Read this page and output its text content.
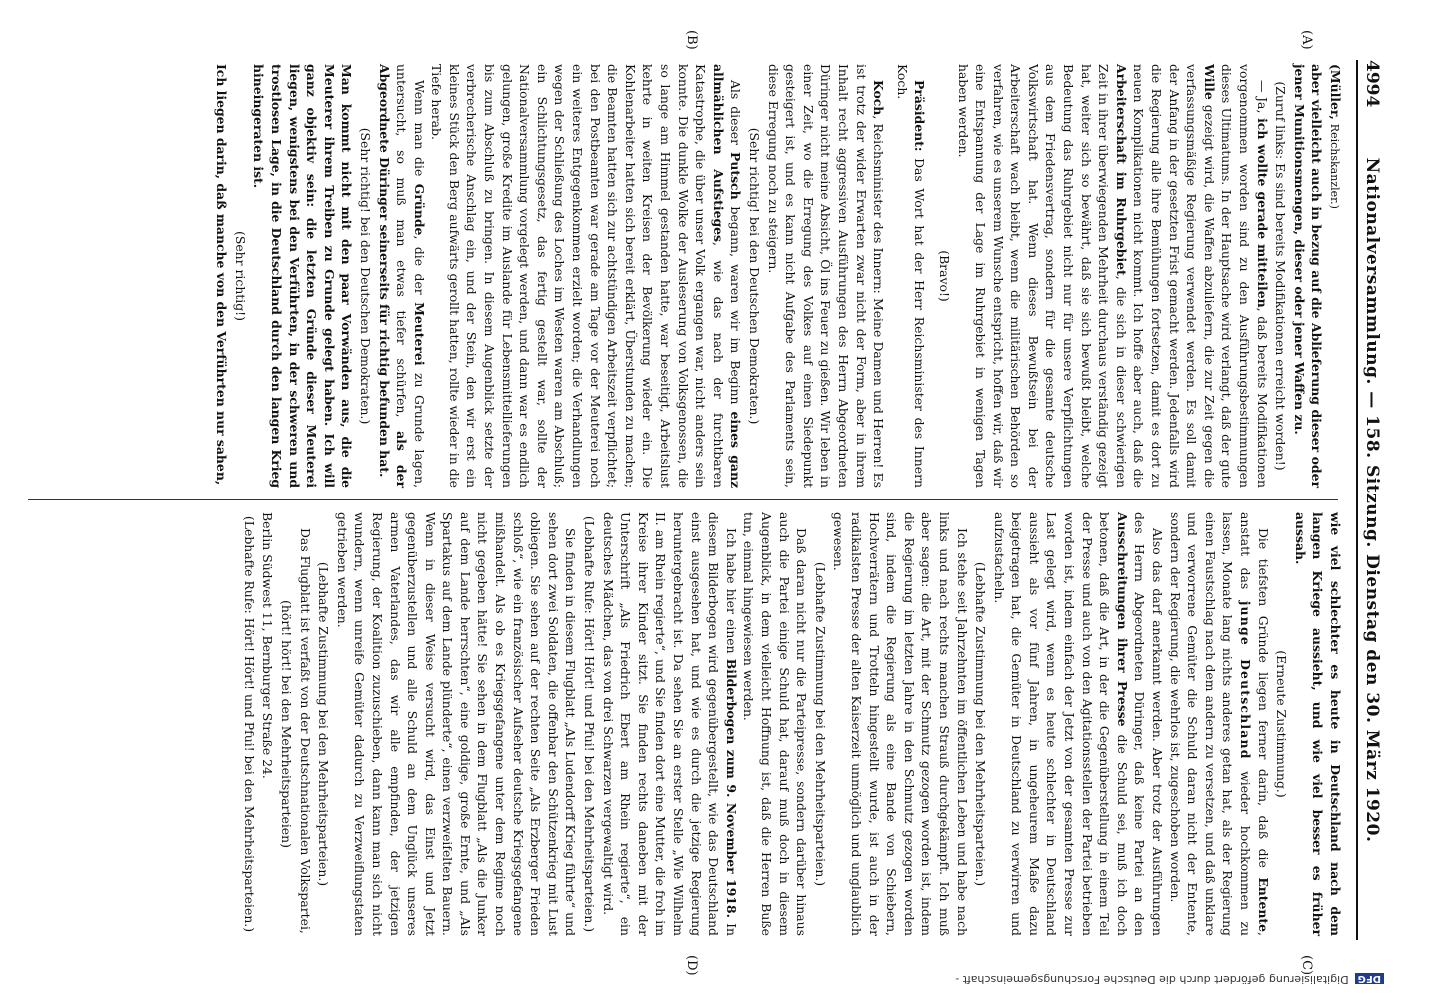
4994
Nationalversammlung. — 158. Sitzung. Dienstag den 30. März 1920.
(A)
(B)
(C)
(D)

(Müller, Reichskanzler.)

aber vielleicht auch in bezug auf die Ablieferung dieser oder jener Munitionsmengen, dieser oder jener Waffen zu.

(Zuruf links: Es sind bereits Modifikationen erreicht worden!)

— Ja, ich wollte gerade mitteilen, daß bereits Modifikationen vorgenommen worden sind zu den Ausführungsbestimmungen dieses Ultimatums. In der Hauptsache wird verlangt, daß der gute Wille gezeigt wird, die Waffen abzuliefern, die zur Zeit gegen die verfassungsmäßige Regierung verwendet werden. Es soll damit der Anfang in der gesetzten Frist gemacht werden. Jedenfalls wird die Regierung alle ihre Bemühungen fortsetzen, damit es dort zu neuen Komplikationen nicht kommt. Ich hoffe aber auch, daß die Arbeiterschaft im Ruhrgebiet, die sich in dieser schwierigen Zeit in ihrer überwiegenden Mehrheit durchaus verständig gezeigt hat, weiter sich so bewährt, daß sie sich bewußt bleibt, welche Bedeutung das Ruhrgebiet nicht nur für unsere Verpflichtungen aus dem Friedensvertrag, sondern für die gesamte deutsche Volkswirtschaft hat. Wenn dieses Bewußtsein bei der Arbeiterschaft wach bleibt, wenn die militärischen Behörden so verfahren, wie es unserem Wunsche entspricht, hoffen wir, daß wir eine Entspannung der Lage im Ruhrgebiet in wenigen Tagen haben werden.

(Bravo!)

Präsident: Das Wort hat der Herr Reichsminister des Innern Koch.

Koch, Reichsminister des Innern: Meine Damen und Herren! Es ist trotz der wider Erwarten zwar nicht der Form, aber in ihrem Inhalt recht aggressiven Ausführungen des Herrn Abgeordneten Düringer nicht meine Absicht, Öl ins Feuer zu gießen. Wir leben in einer Zeit, wo die Erregung des Volkes auf einen Siedepunkt gesteigert ist, und es kann nicht Aufgabe des Parlaments sein, diese Erregung noch zu steigern.

(Sehr richtig! bei den Deutschen Demokraten.)

Als dieser Putsch begann, waren wir im Beginn eines ganz allmählichen Aufstieges, wie das nach der furchtbaren Katastrophe, die über unser Volk ergangen war, nicht anders sein konnte. Die dunkle Wolke der Ausleserung von Volksgenossen, die so lange am Himmel gestanden hatte, war beseitigt, Arbeitslust kehrte in weiten Kreisen der Bevölkerung wieder ein. Die Kohlenarbeiter hatten sich bereit erklärt, Überstunden zu machen; die Beamten hatten sich zur achtstündigen Arbeitszeit verpflichtet; bei den Postbeamten war gerade am Tage vor der Meuterei noch ein weiteres Entgegenkommen erzielt worden; die Verhandlungen wegen der Schließung des Loches im Westen waren am Abschluß; ein Schlichtungsgesetz, das fertig gestellt war, sollte der Nationalversammlung vorgelegt werden, und dann war es endlich gelungen, große Kredite im Auslande für Lebensmittellieferungen bis zum Abschluß zu bringen. In diesem Augenblick setzte der verbrecherische Anschlag ein, und der Stein, den wir erst ein kleines Stück den Berg aufwärts gerollt hatten, rollte wieder in die Tiefe herab.

Wenn man die Gründe, die der Meuterei zu Grunde lagen, untersucht, so muß man etwas tiefer schürfen, als der Abgeordnete Düringer seinerseits für richtig befunden hat.

(Sehr richtig! bei den Deutschen Demokraten.)

Man kommt nicht mit den paar Vorwänden aus, die die Meuterer ihrem Treiben zu Grunde gelegt haben. Ich will ganz objektiv sein: die letzten Gründe dieser Meuterei liegen, wenigstens bei den Verführten, in der schweren und trostlosen Lage, in die Deutschland durch den langen Krieg hineingeraten ist.

(Sehr richtig!)

Ich liegen darin, daß manche von den Verführten nur sahen,

wie viel schlechter es heute in Deutschland nach dem langen Kriege aussieht, und wie viel besser es früher aussah.

(Erneute Zustimmung.)

Die tiefsten Gründe liegen ferner darin, daß die Entente, anstatt das junge Deutschland wieder hochkommen zu lassen, Monate lang nichts anderes getan hat, als der Regierung einen Faustschlag nach dem andern zu versetzen, und daß unklare und verworrene Gemüter die Schuld daran nicht der Entente, sondern der Regierung, die wehrlos ist, zugeschoben worden.

Also das darf anerkannt werden. Aber trotz der Ausführungen des Herrn Abgeordneten Düringer, daß keine Partei an den Ausschreitungen ihrer Presse die Schuld sei, muß ich doch betonen, daß die Art, in der die Gegenüberstellung in einem Teil der Presse und auch von den Agitationsstellen der Partei betrieben worden ist, indem einfach der Jetzt von der gesamten Presse zur Last gelegt wird, wenn es heute schlechter in Deutschland aussieht als vor fünf Jahren, in ungeheurem Maße dazu beigetragen hat, die Gemüter in Deutschland zu verwirren und aufzustacheln.

(Lebhafte Zustimmung bei den Mehrheitsparteien.)

Ich stehe seit Jahrzehnten im öffentlichen Leben und habe nach links und nach rechts manchen Strauß durchgekämpft. Ich muß aber sagen: die Art, mit der Schmutz gezogen worden ist, indem die Regierung im letzten Jahre in den Schmutz gezogen worden sind, indem die Regierung als eine Bande von Schiebern, Hochverrätern und Trotteln hingestellt wurde, ist auch in der radikalsten Presse der alten Kaiserzeit unmöglich und unglaublich gewesen.

(Lebhafte Zustimmung bei den Mehrheitsparteien.)

Daß daran nicht nur die Parteipresse, sondern darüber hinaus auch die Partei einige Schuld hat, darauf muß doch in diesem Augenblick, in dem vielleicht Hoffnung ist, daß die Herren Buße tun, einmal hingewiesen werden.

Ich habe hier einen Bilderbogen zum 9. November 1918. In diesem Bilderbogen wird gegenübergestellt, wie das Deutschland einst ausgesehen hat, und wie es durch die jetzige Regierung heruntergebracht ist. Da sehen Sie an erster Stelle „Wie Wilhelm II. am Rhein regierte“, und Sie finden dort eine Mutter, die froh im Kreise ihrer Kinder sitzt. Sie finden rechts daneben mit der Unterschrift „Als Friedrich Ebert am Rhein regierte“, ein deutsches Mädchen, das von drei Schwarzen vergewaltigt wird.

(Lebhafte Rufe: Hört! Hört! und Pfui! bei den Mehrheitsparteien.)

Sie finden in diesem Flugblatt „Als Ludendorff Krieg führte“ und sehen dort zwei Soldaten, die offenbar den Schützenkrieg mit Lust obliegen. Sie sehen auf der rechten Seite „Als Erzberger Frieden schloß“, wie ein französischer Aufseher deutsche Kriegsgefangene mißhandelt. Als ob es Kriegsgefangene unter dem Regime noch nicht gegeben hätte! Sie sehen in dem Flugblatt „Als die Junker auf dem Lande herrschten“, eine goldige, große Ernte, und „Als Spartakus auf dem Lande plünderte“, einen verzweifelten Bauern. Wenn in dieser Weise versucht wird, das Einst und Jetzt gegenüberzustellen und alle Schuld an dem Unglück unseres armen Vaterlandes, das wir alle empfinden, der jetzigen Regierung, der Koalition zuzuschieben, dann kann man sich nicht wundern, wenn unreife Gemüter dadurch zu Verzweiflungstaten getrieben werden.

(Lebhafte Zustimmung bei den Mehrheitsparteien.)

Das Flugblatt ist verfaßt von der Deutschnationalen Volkspartei,

(hört! hört! bei den Mehrheitsparteien)

Berlin Südwest 11, Bernburger Straße 24.

(Lebhafte Rufe: Hört! Hört! und Pfui! bei den Mehrheitsparteien.)

DFGDigitalisierung gefördert durch die Deutsche Forschungsgemeinschaft -
